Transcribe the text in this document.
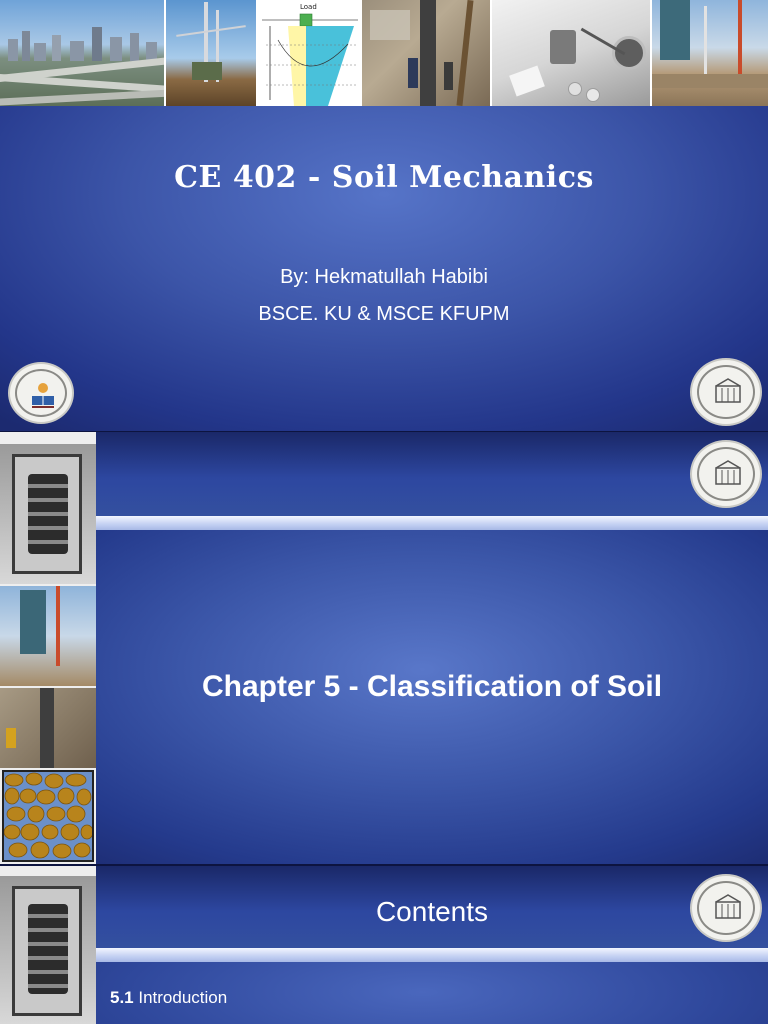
Load
CE 402 - Soil Mechanics
By: Hekmatullah Habibi
BSCE. KU & MSCE KFUPM
Chapter 5 - Classification of Soil
Contents
5.1 Introduction
